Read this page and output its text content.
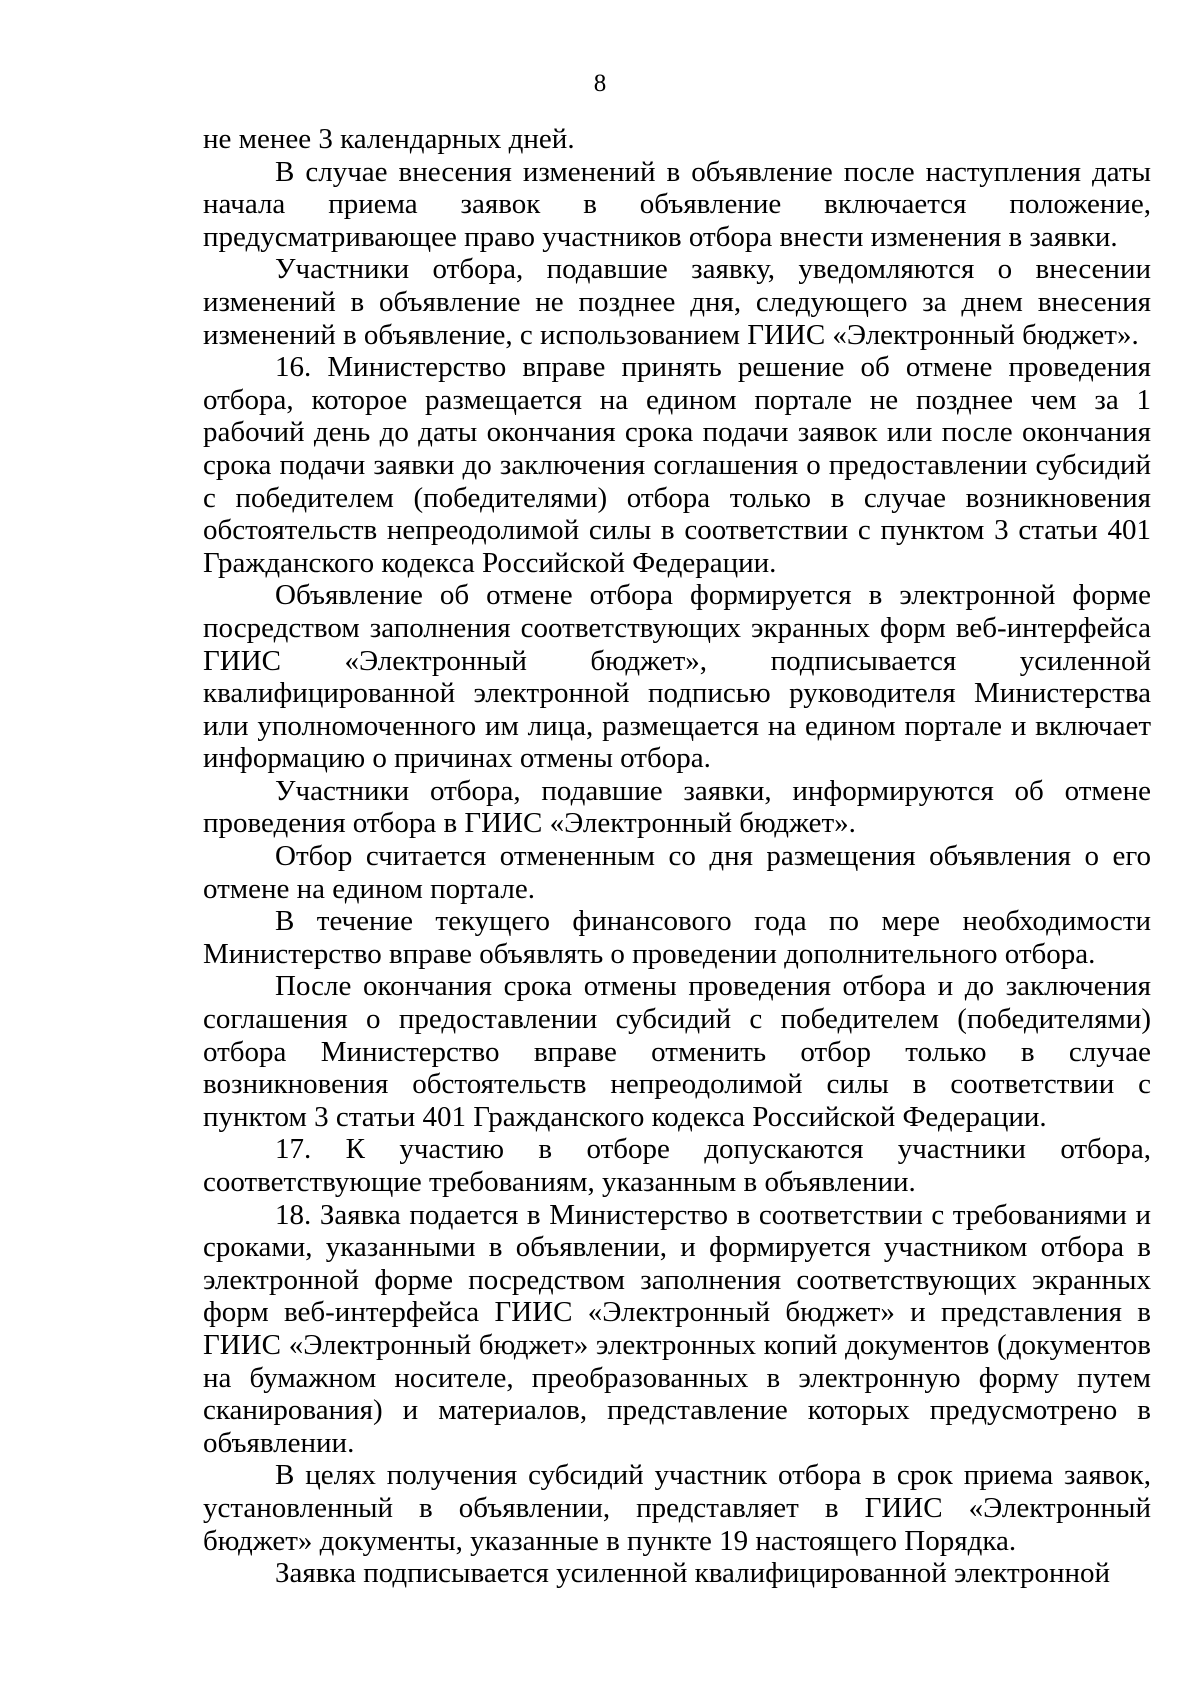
8

не менее 3 календарных дней.

В случае внесения изменений в объявление после наступления даты начала приема заявок в объявление включается положение, предусматривающее право участников отбора внести изменения в заявки.

Участники отбора, подавшие заявку, уведомляются о внесении изменений в объявление не позднее дня, следующего за днем внесения изменений в объявление, с использованием ГИИС «Электронный бюджет».

16. Министерство вправе принять решение об отмене проведения отбора, которое размещается на едином портале не позднее чем за 1 рабочий день до даты окончания срока подачи заявок или после окончания срока подачи заявки до заключения соглашения о предоставлении субсидий с победителем (победителями) отбора только в случае возникновения обстоятельств непреодолимой силы в соответствии с пунктом 3 статьи 401 Гражданского кодекса Российской Федерации.

Объявление об отмене отбора формируется в электронной форме посредством заполнения соответствующих экранных форм веб-интерфейса ГИИС «Электронный бюджет», подписывается усиленной квалифицированной электронной подписью руководителя Министерства или уполномоченного им лица, размещается на едином портале и включает информацию о причинах отмены отбора.

Участники отбора, подавшие заявки, информируются об отмене проведения отбора в ГИИС «Электронный бюджет».

Отбор считается отмененным со дня размещения объявления о его отмене на едином портале.

В течение текущего финансового года по мере необходимости Министерство вправе объявлять о проведении дополнительного отбора.

После окончания срока отмены проведения отбора и до заключения соглашения о предоставлении субсидий с победителем (победителями) отбора Министерство вправе отменить отбор только в случае возникновения обстоятельств непреодолимой силы в соответствии с пунктом 3 статьи 401 Гражданского кодекса Российской Федерации.

17. К участию в отборе допускаются участники отбора, соответствующие требованиям, указанным в объявлении.

18. Заявка подается в Министерство в соответствии с требованиями и сроками, указанными в объявлении, и формируется участником отбора в электронной форме посредством заполнения соответствующих экранных форм веб-интерфейса ГИИС «Электронный бюджет» и представления в ГИИС «Электронный бюджет» электронных копий документов (документов на бумажном носителе, преобразованных в электронную форму путем сканирования) и материалов, представление которых предусмотрено в объявлении.

В целях получения субсидий участник отбора в срок приема заявок, установленный в объявлении, представляет в ГИИС «Электронный бюджет» документы, указанные в пункте 19 настоящего Порядка.

Заявка подписывается усиленной квалифицированной электронной
